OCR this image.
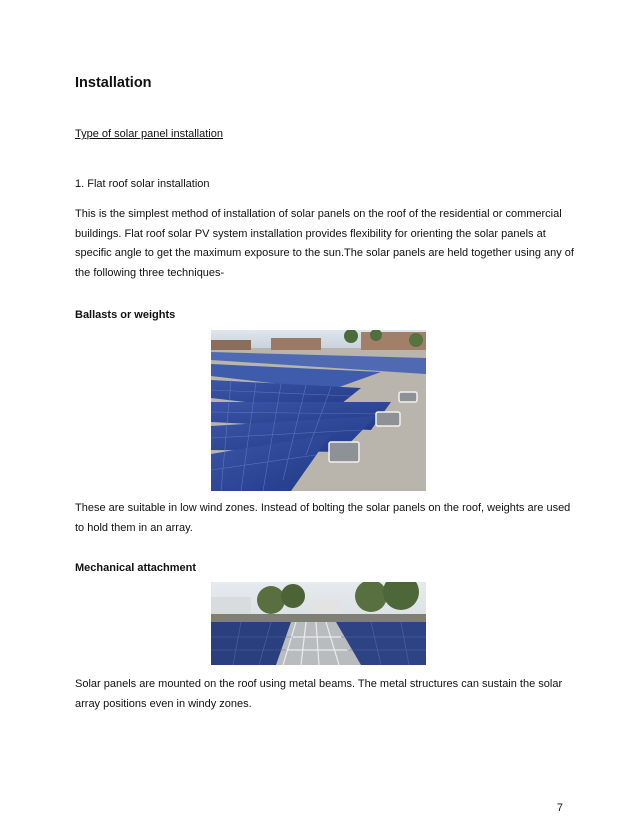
Installation

Type of solar panel installation

1. Flat roof solar installation

This is the simplest method of installation of solar panels on the roof of the residential or commercial buildings. Flat roof solar PV system installation provides flexibility for orienting the solar panels at specific angle to get the maximum exposure to the sun.The solar panels are held together using any of the following three techniques-

Ballasts or weights

These are suitable in low wind zones. Instead of bolting the solar panels on the roof, weights are used to hold them in an array.

Mechanical attachment

Solar panels are mounted on the roof using metal beams. The metal structures can sustain the solar array positions even in windy zones.

7
